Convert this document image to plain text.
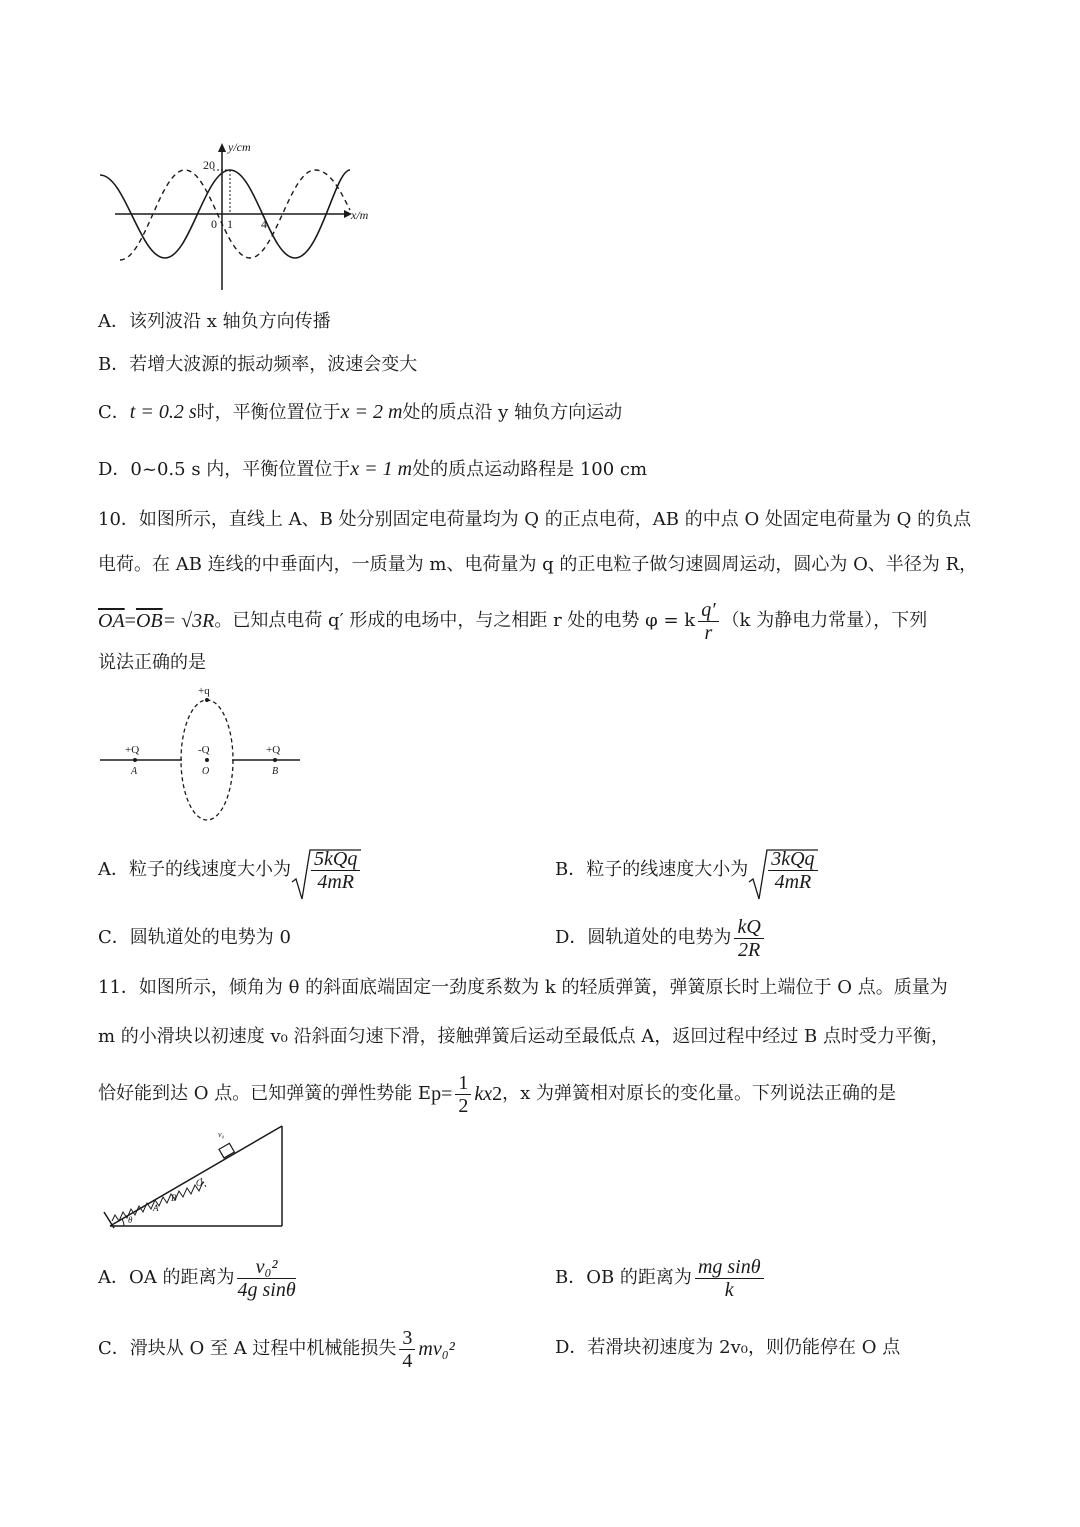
y/cm
x/m
20
0 1 4
A．该列波沿 x 轴负方向传播
B．若增大波源的振动频率，波速会变大
C．t = 0.2 s时，平衡位置位于x = 2 m处的质点沿 y 轴负方向运动
D．0~0.5 s 内，平衡位置位于x = 1 m处的质点运动路程是 100 cm
10．如图所示，直线上 A、B 处分别固定电荷量均为 Q 的正点电荷，AB 的中点 O 处固定电荷量为 Q 的负点
电荷。在 AB 连线的中垂面内，一质量为 m、电荷量为 q 的正电粒子做匀速圆周运动，圆心为 O、半径为 R，
$\overline{OA} = \overline{OB} = √3R$ 。已知点电荷 q′ 形成的电场中，与之相距 r 处的电势 φ = k $\frac{q'}{r} (k$ 为静电力常量），下列
说法正确的是
+q
+Q	-Q	+Q
A	O	B
A．粒子的线速度大小为 $\frac{\text{5kQq}}{4mR}$	B．粒子的线速度大小为 $\frac{\text{3kQq}}{4mR}$
C．圆轨道处的电势为 0	D．圆轨道处的电势为 $\frac{kQ}{2R}$
11．如图所示，倾角为 θ 的斜面底端固定一劲度系数为 k 的轻质弹簧，弹簧原长时上端位于 O 点。质量为
m 的小滑块以初速度 v₀ 沿斜面匀速下滑，接触弹簧后运动至最低点 A，返回过程中经过 B 点时受力平衡，
恰好能到达 O 点。已知弹簧的弹性势能 E $p = \frac{1}{2}$ kx 2 ，x 为弹簧相对原长的变化量。下列说法正确的是
v₀
O
B
A
θ
A．OA 的距离为 $\frac{\text{v₀²}}{\text{4g sinθ}}$	B．OB 的距离为 $\frac{\text{mg sinθ}}{k}$
C．滑块从 O 至 A 过程中机械能损失 $\frac{3}{4} mv_0^2$	D．若滑块初速度为 2v₀，则仍能停在 O 点
